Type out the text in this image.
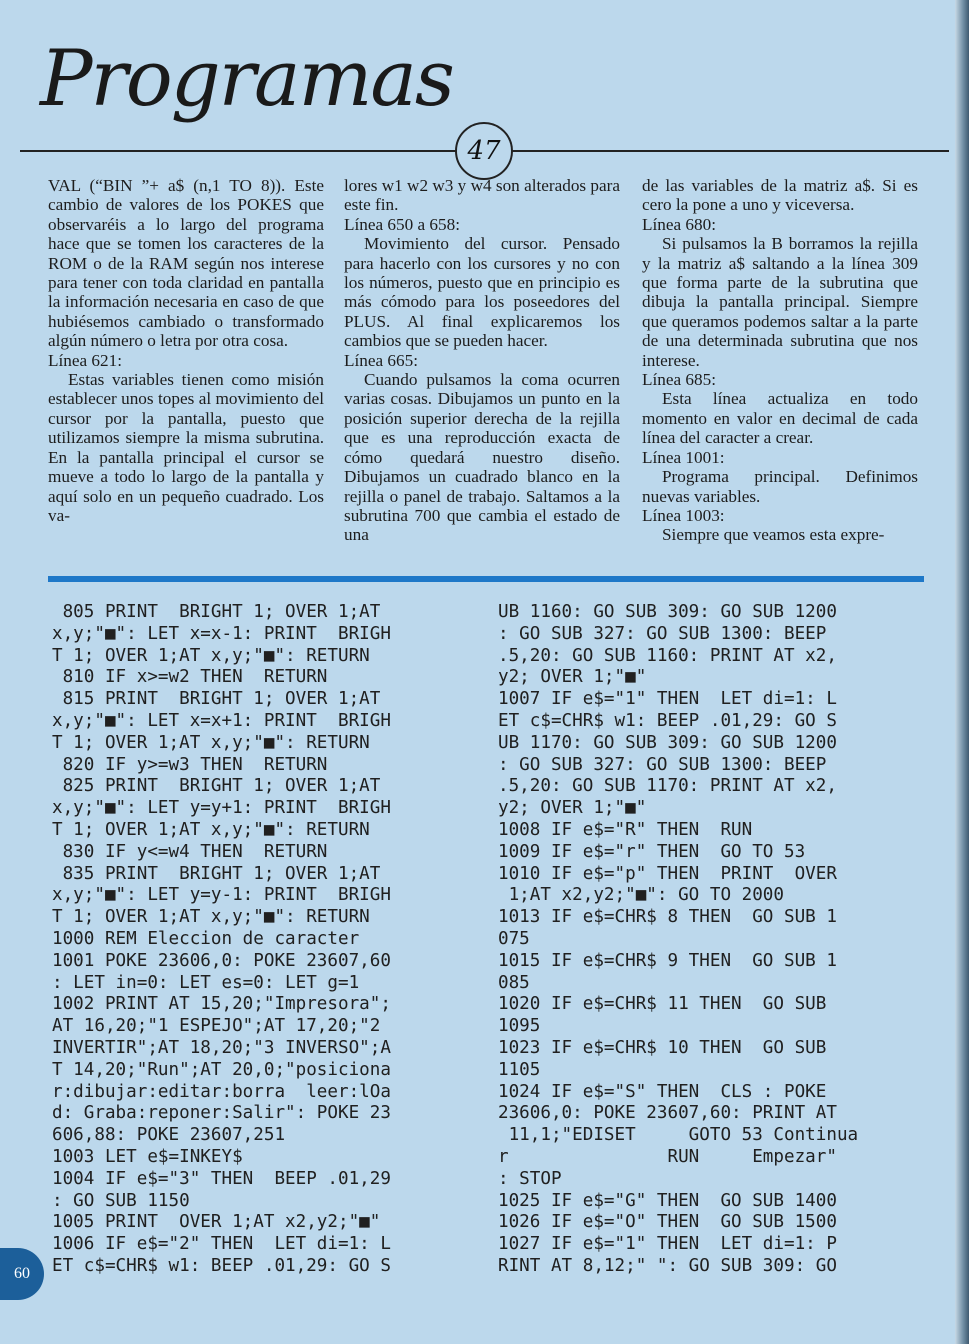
Programas
47

VAL (“BIN ”+ a$ (n,1 TO 8)). Este cambio de valores de los POKES que observaréis a lo largo del programa hace que se tomen los caracteres de la ROM o de la RAM según nos interese para tener con toda claridad en pantalla la información necesaria en caso de que hubiésemos cambiado o transformado algún número o letra por otra cosa.

Línea 621:

Estas variables tienen como misión establecer unos topes al movimiento del cursor por la pantalla, puesto que utilizamos siempre la misma subrutina. En la pantalla principal el cursor se mueve a todo lo largo de la pantalla y aquí solo en un pequeño cuadrado. Los va-

lores w1 w2 w3 y w4 son alterados para este fin.

Línea 650 a 658:

Movimiento del cursor. Pensado para hacerlo con los cursores y no con los números, puesto que en principio es más cómodo para los poseedores del PLUS. Al final explicaremos los cambios que se pueden hacer.

Línea 665:

Cuando pulsamos la coma ocurren varias cosas. Dibujamos un punto en la posición superior derecha de la rejilla que es una reproducción exacta de cómo quedará nuestro diseño. Dibujamos un cuadrado blanco en la rejilla o panel de trabajo. Saltamos a la subrutina 700 que cambia el estado de una

de las variables de la matriz a$. Si es cero la pone a uno y viceversa.

Línea 680:

Si pulsamos la B borramos la rejilla y la matriz a$ saltando a la línea 309 que forma parte de la subrutina que dibuja la pantalla principal. Siempre que queramos podemos saltar a la parte de una determinada subrutina que nos interese.

Línea 685:

Esta línea actualiza en todo momento en valor en decimal de cada línea del caracter a crear.

Línea 1001:

Programa principal. Definimos nuevas variables.

Línea 1003:

Siempre que veamos esta expre-

805 PRINT  BRIGHT 1; OVER 1;AT
x,y;"■": LET x=x-1: PRINT  BRIGH
T 1; OVER 1;AT x,y;"■": RETURN
810 IF x>=w2 THEN  RETURN
815 PRINT  BRIGHT 1; OVER 1;AT
x,y;"■": LET x=x+1: PRINT  BRIGH
T 1; OVER 1;AT x,y;"■": RETURN
820 IF y>=w3 THEN  RETURN
825 PRINT  BRIGHT 1; OVER 1;AT
x,y;"■": LET y=y+1: PRINT  BRIGH
T 1; OVER 1;AT x,y;"■": RETURN
830 IF y<=w4 THEN  RETURN
835 PRINT  BRIGHT 1; OVER 1;AT
x,y;"■": LET y=y-1: PRINT  BRIGH
T 1; OVER 1;AT x,y;"■": RETURN
1000 REM Eleccion de caracter
1001 POKE 23606,0: POKE 23607,60
: LET in=0: LET es=0: LET g=1
1002 PRINT AT 15,20;"Impresora";
AT 16,20;"1 ESPEJO";AT 17,20;"2
INVERTIR";AT 18,20;"3 INVERSO";A
T 14,20;"Run";AT 20,0;"posiciona
r:dibujar:editar:borra  leer:lOa
d: Graba:reponer:Salir": POKE 23
606,88: POKE 23607,251
1003 LET e$=INKEY$
1004 IF e$="3" THEN  BEEP .01,29
: GO SUB 1150
1005 PRINT  OVER 1;AT x2,y2;"■"
1006 IF e$="2" THEN  LET di=1: L
ET c$=CHR$ w1: BEEP .01,29: GO S
UB 1160: GO SUB 309: GO SUB 1200
: GO SUB 327: GO SUB 1300: BEEP
.5,20: GO SUB 1160: PRINT AT x2,
y2; OVER 1;"■"
1007 IF e$="1" THEN  LET di=1: L
ET c$=CHR$ w1: BEEP .01,29: GO S
UB 1170: GO SUB 309: GO SUB 1200
: GO SUB 327: GO SUB 1300: BEEP
.5,20: GO SUB 1170: PRINT AT x2,
y2; OVER 1;"■"
1008 IF e$="R" THEN  RUN
1009 IF e$="r" THEN  GO TO 53
1010 IF e$="p" THEN  PRINT  OVER
1;AT x2,y2;"■": GO TO 2000
1013 IF e$=CHR$ 8 THEN  GO SUB 1
075
1015 IF e$=CHR$ 9 THEN  GO SUB 1
085
1020 IF e$=CHR$ 11 THEN  GO SUB
1095
1023 IF e$=CHR$ 10 THEN  GO SUB
1105
1024 IF e$="S" THEN  CLS : POKE
23606,0: POKE 23607,60: PRINT AT
11,1;"EDISET     GOTO 53 Continua
r               RUN     Empezar"
: STOP
1025 IF e$="G" THEN  GO SUB 1400
1026 IF e$="O" THEN  GO SUB 1500
1027 IF e$="1" THEN  LET di=1: P
RINT AT 8,12;" ": GO SUB 309: GO
60
